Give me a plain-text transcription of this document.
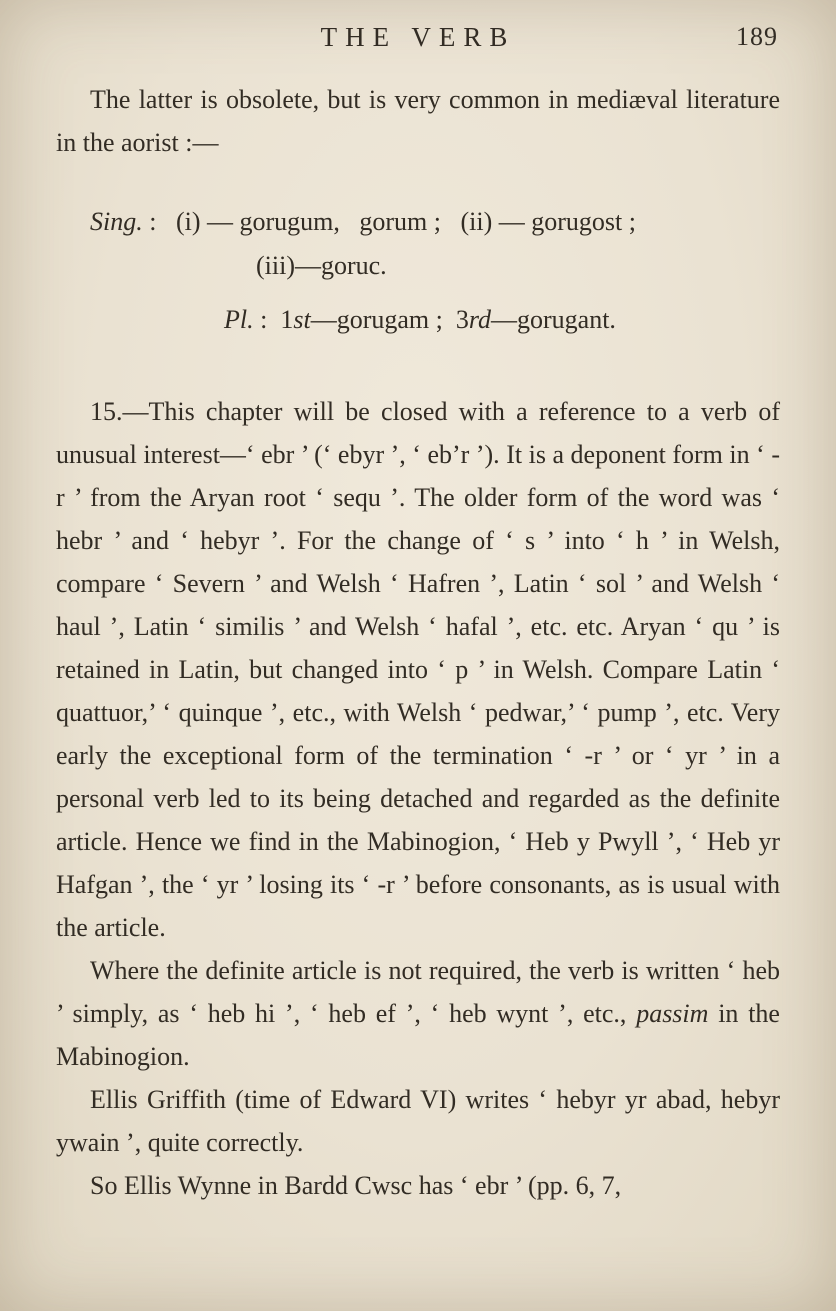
THE VERB	189

The latter is obsolete, but is very common in mediæval literature in the aorist :—

Sing. :   (i) — gorugum,   gorum ;   (ii) — gorugost ;
(iii)—goruc.
Pl. :  1st—gorugam ;  3rd—gorugant.

15.—This chapter will be closed with a reference to a verb of unusual interest—‘ ebr ’ (‘ ebyr ’, ‘ eb’r ’). It is a deponent form in ‘ -r ’ from the Aryan root ‘ sequ ’. The older form of the word was ‘ hebr ’ and ‘ hebyr ’. For the change of ‘ s ’ into ‘ h ’ in Welsh, compare ‘ Severn ’ and Welsh ‘ Hafren ’, Latin ‘ sol ’ and Welsh ‘ haul ’, Latin ‘ similis ’ and Welsh ‘ hafal ’, etc. etc. Aryan ‘ qu ’ is retained in Latin, but changed into ‘ p ’ in Welsh. Compare Latin ‘ quattuor,’ ‘ quinque ’, etc., with Welsh ‘ pedwar,’ ‘ pump ’, etc. Very early the exceptional form of the termination ‘ -r ’ or ‘ yr ’ in a personal verb led to its being detached and regarded as the definite article. Hence we find in the Mabinogion, ‘ Heb y Pwyll ’, ‘ Heb yr Hafgan ’, the ‘ yr ’ losing its ‘ -r ’ before consonants, as is usual with the article.

Where the definite article is not required, the verb is written ‘ heb ’ simply, as ‘ heb hi ’, ‘ heb ef ’, ‘ heb wynt ’, etc., passim in the Mabinogion.

Ellis Griffith (time of Edward VI) writes ‘ hebyr yr abad, hebyr ywain ’, quite correctly.

So Ellis Wynne in Bardd Cwsc has ‘ ebr ’ (pp. 6, 7,
